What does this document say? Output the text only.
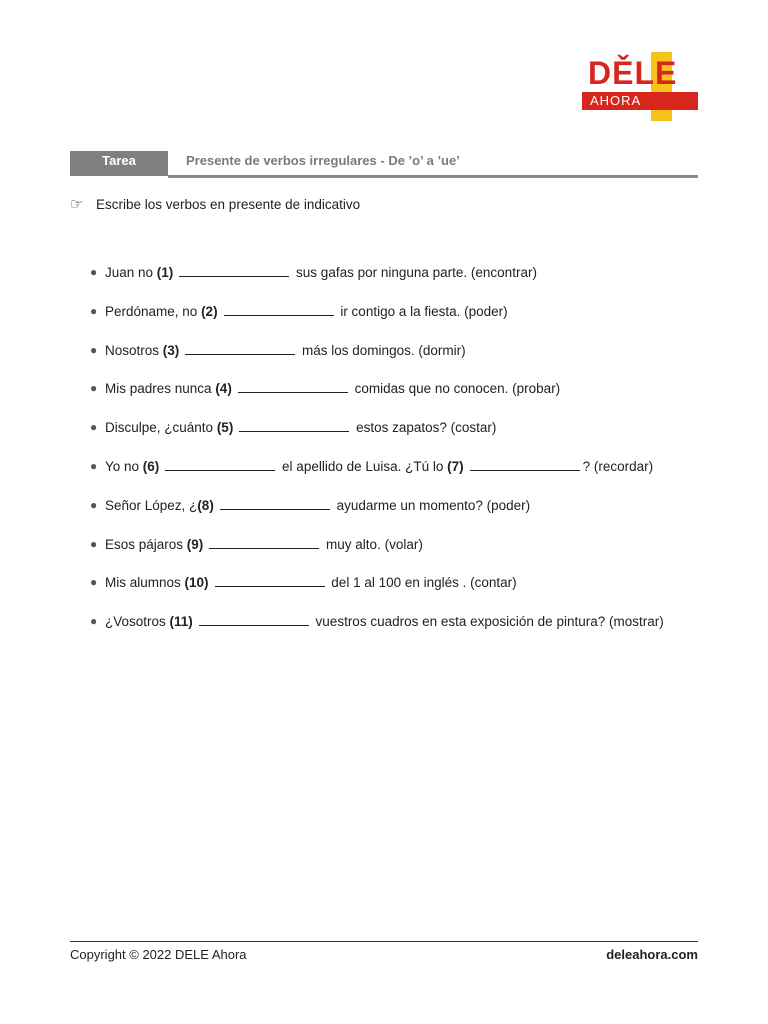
DĚLE
AHORA
Tarea	Presente de verbos irregulares - De ’o’ a ’ue’
☞ Escribe los verbos en presente de indicativo
● Juan no (1)	sus gafas por ninguna parte. (encontrar)
● Perdóname, no (2)	ir contigo a la fiesta. (poder)
● Nosotros (3)	más los domingos. (dormir)
● Mis padres nunca (4)	comidas que no conocen. (probar)
● Disculpe, ¿cuánto (5)	estos zapatos? (costar)
● Yo no (6)	el apellido de Luisa. ¿Tú lo (7)	? (recordar)
● Señor López, ¿(8)	ayudarme un momento? (poder)
● Esos pájaros (9)	muy alto. (volar)
● Mis alumnos (10)	del 1 al 100 en inglés . (contar)
● ¿Vosotros (11)	vuestros cuadros en esta exposición de pintura? (mostrar)
Copyright © 2022 DELE Ahora	deleahora.com
